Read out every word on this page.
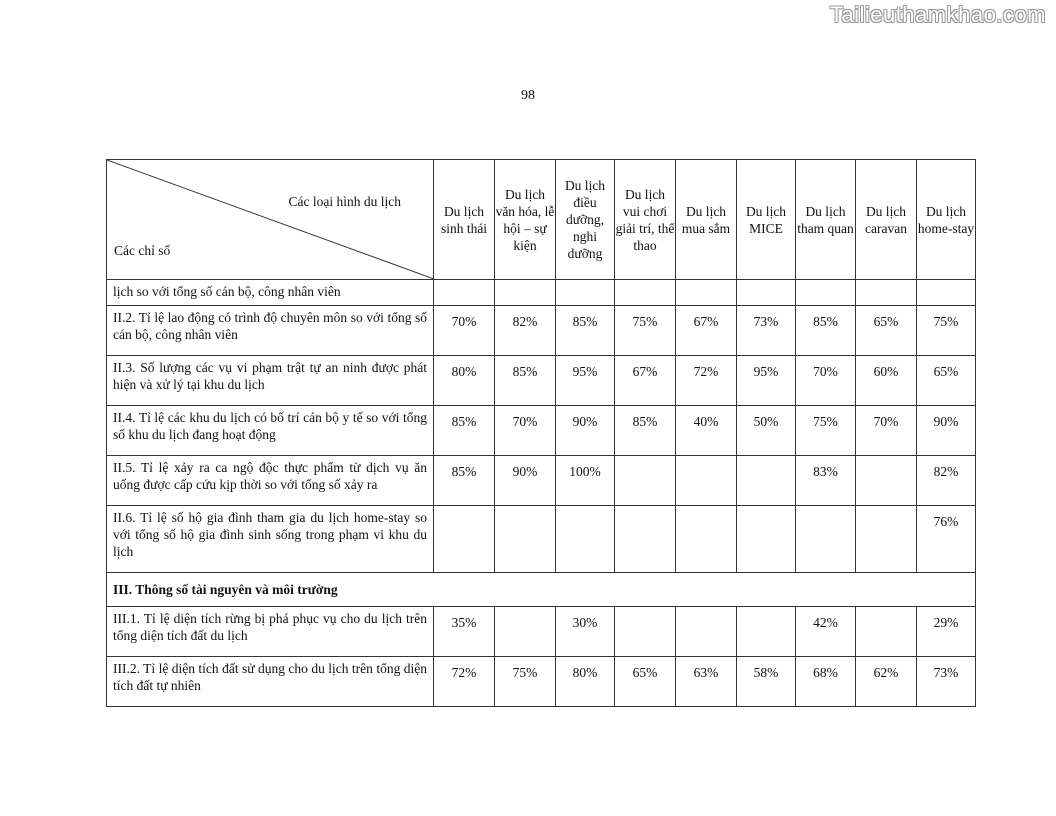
Tailieuthamkhao.com
98
Các loại hình du lịch
Các chỉ số	Du lịch sinh thái	Du lịch văn hóa, lễ hội – sự kiện	Du lịch điều dưỡng, nghi dưỡng	Du lịch vui chơi giải trí, thể thao	Du lịch mua sắm	Du lịch MICE	Du lịch tham quan	Du lịch caravan	Du lịch home-stay
lịch so với tổng số cán bộ, công nhân viên									
II.2. Tỉ lệ lao động có trình độ chuyên môn so với tổng số cán bộ, công nhân viên	70%	82%	85%	75%	67%	73%	85%	65%	75%
II.3. Số lượng các vụ vi phạm trật tự an ninh được phát hiện và xử lý tại khu du lịch	80%	85%	95%	67%	72%	95%	70%	60%	65%
II.4. Tỉ lệ các khu du lịch có bố trí cán bộ y tế so với tổng số khu du lịch đang hoạt động	85%	70%	90%	85%	40%	50%	75%	70%	90%
II.5. Tỉ lệ xảy ra ca ngộ độc thực phẩm từ dịch vụ ăn uống được cấp cứu kịp thời so với tổng số xảy ra	85%	90%	100%				83%		82%
II.6. Tỉ lệ số hộ gia đình tham gia du lịch home-stay so với tổng số hộ gia đình sinh sống trong phạm vi khu du lịch									76%
III. Thông số tài nguyên và môi trường									
III.1. Tỉ lệ diện tích rừng bị phá phục vụ cho du lịch trên tổng diện tích đất du lịch	35%		30%				42%		29%
III.2. Tỉ lệ diện tích đất sử dụng cho du lịch trên tổng diện tích đất tự nhiên	72%	75%	80%	65%	63%	58%	68%	62%	73%
